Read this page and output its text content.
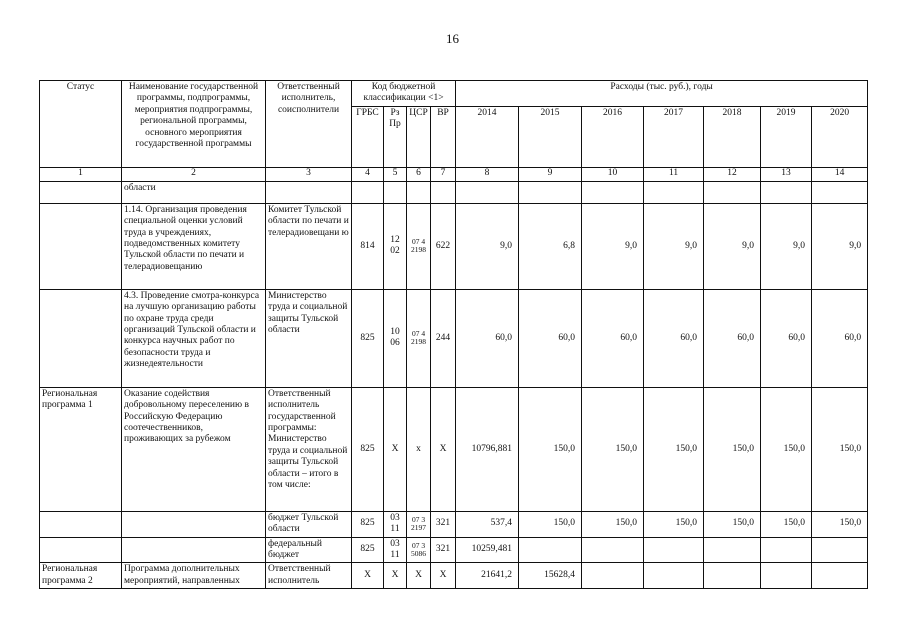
16
Статус	Наименование государственной программы, подпрограммы, мероприятия подпрограммы, региональной программы, основного мероприятия государственной программы	Ответственный исполнитель, соисполнители	Код бюджетной классификации <1>				Расходы (тыс. руб.), годы						
			ГРБС	Рз Пр	ЦСР	ВР	2014	2015	2016	2017	2018	2019	2020
1	2	3	4	5	6	7	8	9	10	11	12	13	14
	области												
	1.14. Организация проведения специальной оценки условий труда в учреждениях, подведомственных комитету Тульской области по печати и телерадиовещанию	Комитет Тульской области по печати и телерадиовещани ю	814	12 02	07 4 2198	622	9,0	6,8	9,0	9,0	9,0	9,0	9,0
	4.3. Проведение смотра-конкурса на лучшую организацию работы по охране труда среди организаций Тульской области и конкурса научных работ по безопасности труда и жизнедеятельности	Министерство труда и социальной защиты Тульской области	825	10 06	07 4 2198	244	60,0	60,0	60,0	60,0	60,0	60,0	60,0
Региональная программа 1	Оказание содействия добровольному переселению в Российскую Федерацию соотечественников, проживающих за рубежом	Ответственный исполнитель государственной программы: Министерство труда и социальной защиты Тульской области – итого в том числе:	825	X	x	X	10796,881	150,0	150,0	150,0	150,0	150,0	150,0
		бюджет Тульской области	825	03 11	07 3 2197	321	537,4	150,0	150,0	150,0	150,0	150,0	150,0
		федеральный бюджет	825	03 11	07 3 5086	321	10259,481						
Региональная программа 2	Программа дополнительных мероприятий, направленных	Ответственный исполнитель	X	X	X	X	21641,2	15628,4					
